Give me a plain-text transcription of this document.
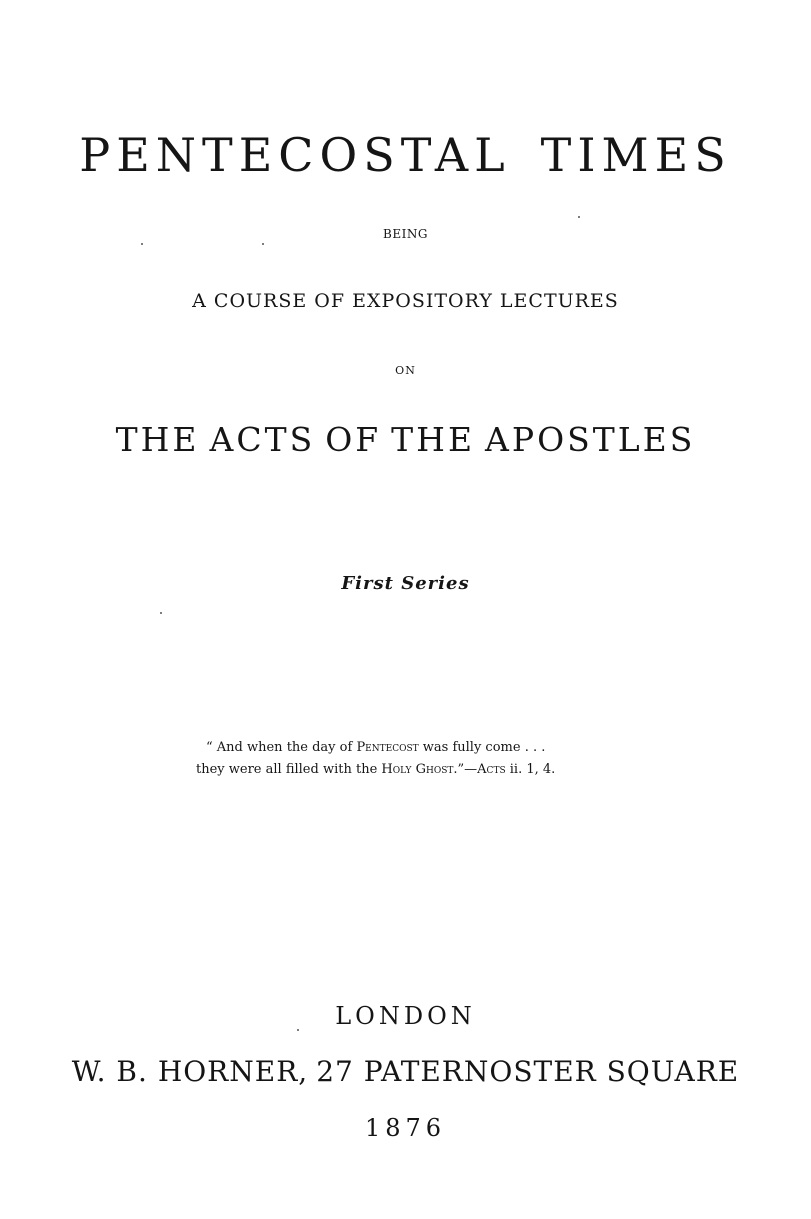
PENTECOSTAL TIMES
BEING
A COURSE OF EXPOSITORY LECTURES
ON
THE ACTS OF THE APOSTLES
First Series

“ And when the day of Pentecost was fully come . . .

they were all filled with the Holy Ghost.”—Acts ii. 1, 4.

LONDON
W. B. HORNER, 27 PATERNOSTER SQUARE
1876
